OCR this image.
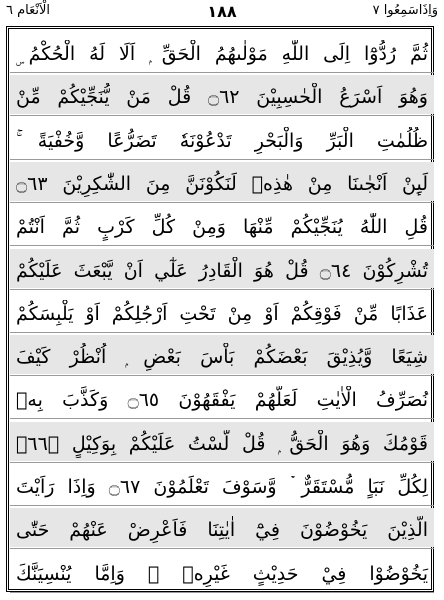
الْاَنْعَام ٦	١٨٨	وَاِذَاسَمِعُوا ٧
ثُمَّ رُدُّوْٓا اِلَى اللّٰهِ مَوْلٰىهُمُ الْحَقِّ ۭ اَلَا لَهُ الْحُكْمُ ۣ
وَهُوَ اَسْرَعُ الْحٰسِبِيْنَ ۝٦٢ قُلْ مَنْ يُّنَجِّيْكُمْ مِّنْ
ظُلُمٰتِ الْبَرِّ وَالْبَحْرِ تَدْعُوْنَهٗ تَضَرُّعًا وَّخُفْيَةً ۚ
لَىِٕنْ اَنْجٰىنَا مِنْ هٰذِهٖ لَنَكُوْنَنَّ مِنَ الشّٰكِرِيْنَ ۝٦٣
قُلِ اللّٰهُ يُنَجِّيْكُمْ مِّنْهَا وَمِنْ كُلِّ كَرْبٍ ثُمَّ اَنْتُمْ
تُشْرِكُوْنَ ۝٦٤ قُلْ هُوَ الْقَادِرُ عَلٰٓي اَنْ يَّبْعَثَ عَلَيْكُمْ
عَذَابًا مِّنْ فَوْقِكُمْ اَوْ مِنْ تَحْتِ اَرْجُلِكُمْ اَوْ يَلْبِسَكُمْ
شِيَعًا وَّيُذِيْقَ بَعْضَكُمْ بَاْسَ بَعْضٍ ۭ اُنْظُرْ كَيْفَ
نُصَرِّفُ الْاٰيٰتِ لَعَلَّهُمْ يَفْقَهُوْنَ ۝٦٥ وَكَذَّبَ بِهٖ
قَوْمُكَ وَهُوَ الْحَقُّ ۭ قُلْ لَّسْتُ عَلَيْكُمْ بِوَكِيْلٍ ۝٦٦ۭ
لِكُلِّ نَبَاٍ مُّسْتَقَرٌّ ۡ وَّسَوْفَ تَعْلَمُوْنَ ۝٦٧ وَاِذَا رَاَيْتَ
الَّذِيْنَ يَخُوْضُوْنَ فِيْٓ اٰيٰتِنَا فَاَعْرِضْ عَنْهُمْ حَتّٰى
يَخُوْضُوْا فِيْ حَدِيْثٍ غَيْرِهٖ ۭ وَاِمَّا يُنْسِيَنَّكَ
